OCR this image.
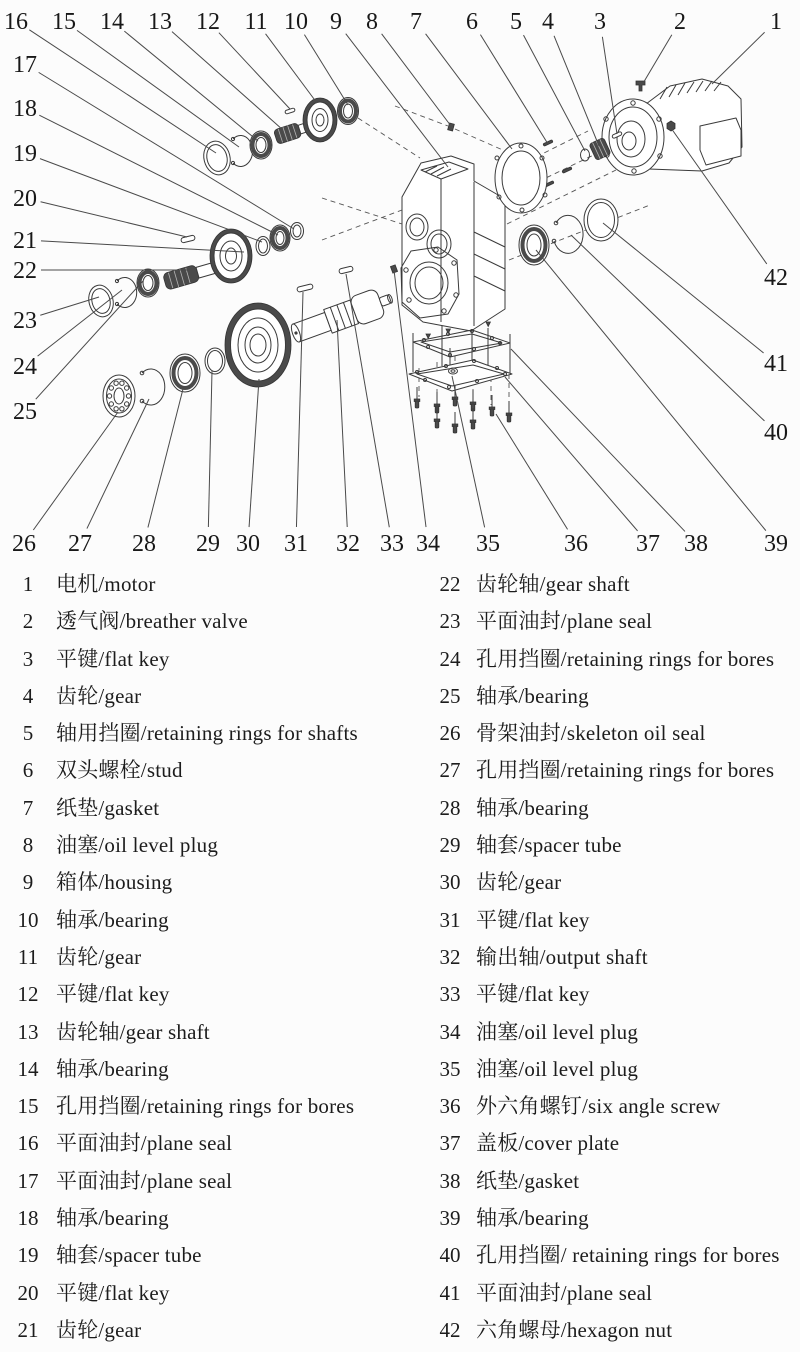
1
2
3
4
5
6
7
8
9
10
11
12
13
14
15
16
17
18
19
20
21
22
23
24
25
26 27 28 29 30 31 32 33 34 35	36 37 38 39
40
41
42
1	电机/motor
2	透气阀/breather valve
3	平键/flat key
4	齿轮/gear
5	轴用挡圈/retaining rings for shafts
6	双头螺栓/stud
7	纸垫/gasket
8	油塞/oil level plug
9	箱体/housing
10 轴承/bearing
11 齿轮/gear
12 平键/flat key
13 齿轮轴/gear shaft
14 轴承/bearing
15 孔用挡圈/retaining rings for bores
16 平面油封/plane seal
17 平面油封/plane seal
18 轴承/bearing
19 轴套/spacer tube
20 平键/flat key
21 齿轮/gear
22 齿轮轴/gear shaft
23 平面油封/plane seal
24 孔用挡圈/retaining rings for bores
25 轴承/bearing
26 骨架油封/skeleton oil seal
27 孔用挡圈/retaining rings for bores
28 轴承/bearing
29 轴套/spacer tube
30 齿轮/gear
31 平键/flat key
32 输出轴/output shaft
33 平键/flat key
34 油塞/oil level plug
35 油塞/oil level plug
36 外六角螺钉/six angle screw
37 盖板/cover plate
38 纸垫/gasket
39 轴承/bearing
40 孔用挡圈/ retaining rings for bores
41 平面油封/plane seal
42 六角螺母/hexagon nut
